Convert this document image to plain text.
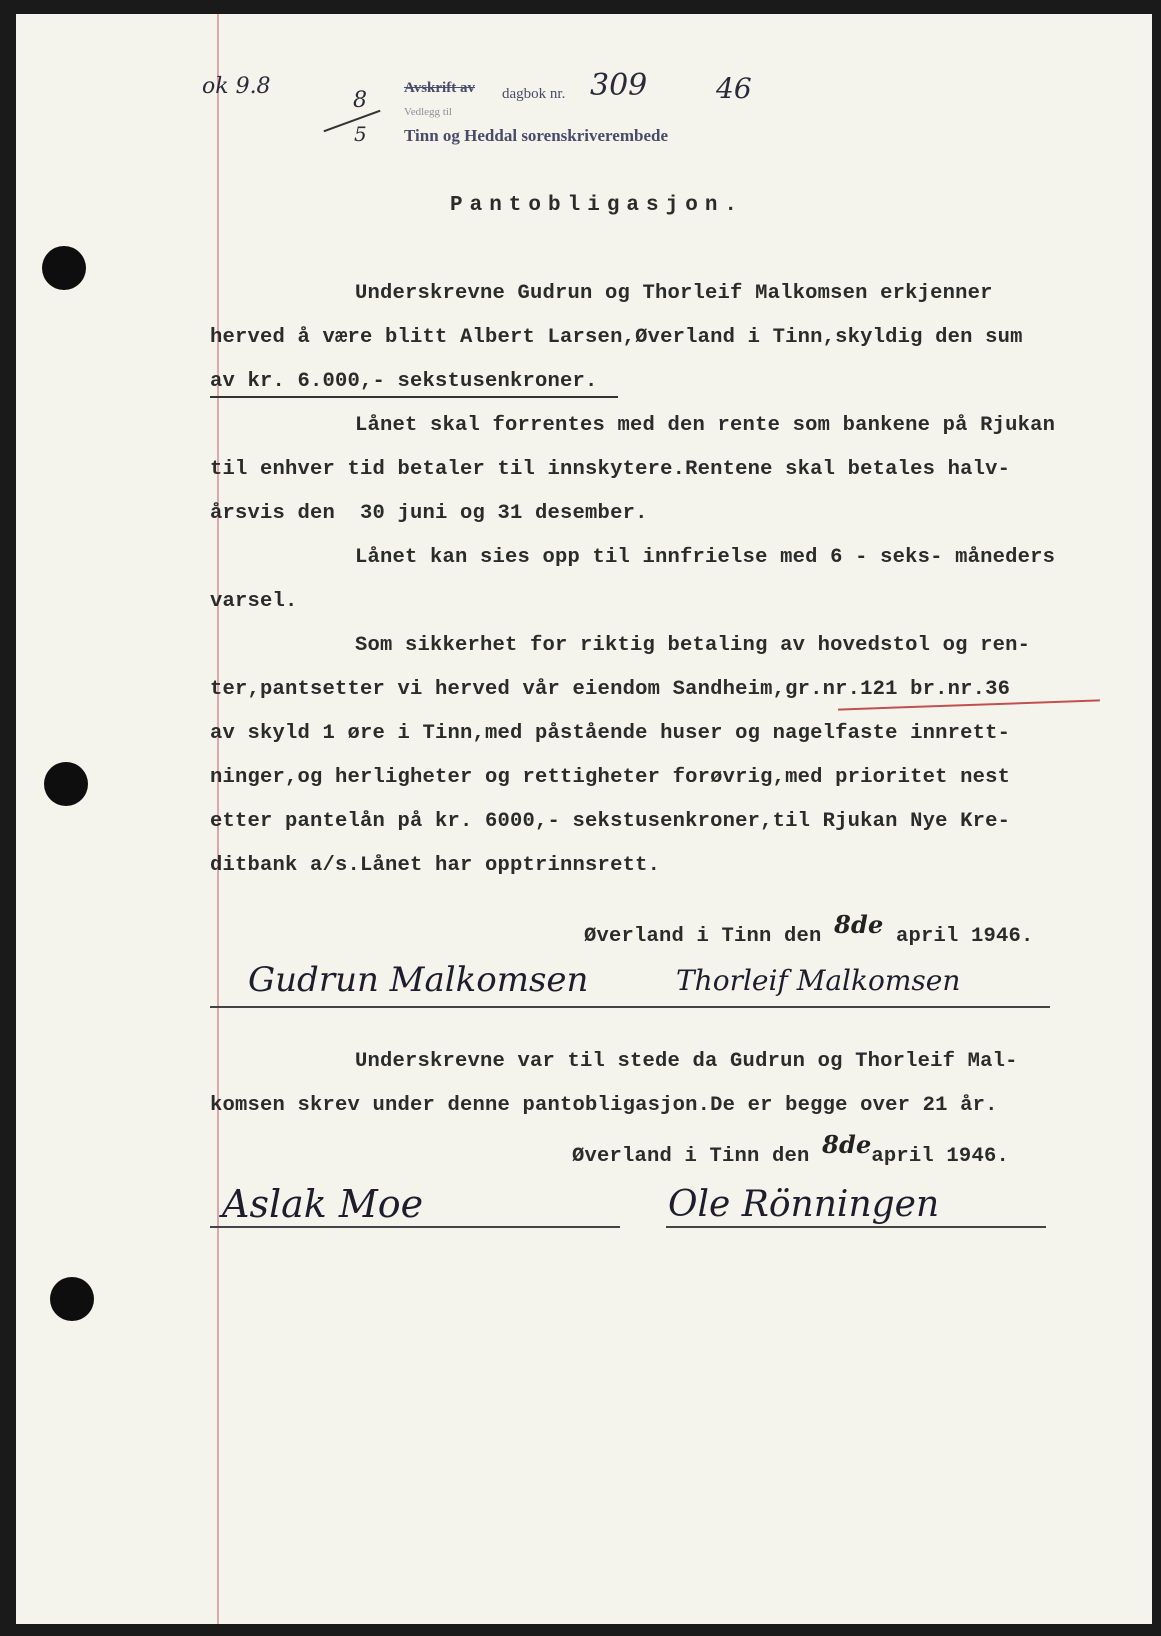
ok 9.8
8
5
Avskrift av dagbok nr. 309 46
Vedlegg til
Tinn og Heddal sorenskriverembede
Pantobligasjon.
Underskrevne Gudrun og Thorleif Malkomsen erkjenner
herved å være blitt Albert Larsen,Øverland i Tinn,skyldig den sum
av kr. 6.000,- sekstusenkroner.
Lånet skal forrentes med den rente som bankene på Rjukan
til enhver tid betaler til innskytere.Rentene skal betales halv-
årsvis den  30 juni og 31 desember.
Lånet kan sies opp til innfrielse med 6 - seks- måneders
varsel.
Som sikkerhet for riktig betaling av hovedstol og ren-
ter,pantsetter vi herved vår eiendom Sandheim,gr.nr.121 br.nr.36
av skyld 1 øre i Tinn,med påstående huser og nagelfaste innrett-
ninger,og herligheter og rettigheter forøvrig,med prioritet nest
etter pantelån på kr. 6000,- sekstusenkroner,til Rjukan Nye Kre-
ditbank a/s.Lånet har opptrinnsrett.
Øverland i Tinn den 8de april 1946.
Gudrun Malkomsen	Thorleif Malkomsen
Underskrevne var til stede da Gudrun og Thorleif Mal-
komsen skrev under denne pantobligasjon.De er begge over 21 år.
Øverland i Tinn den 8deapril 1946.
Aslak Moe	Ole Rönningen
